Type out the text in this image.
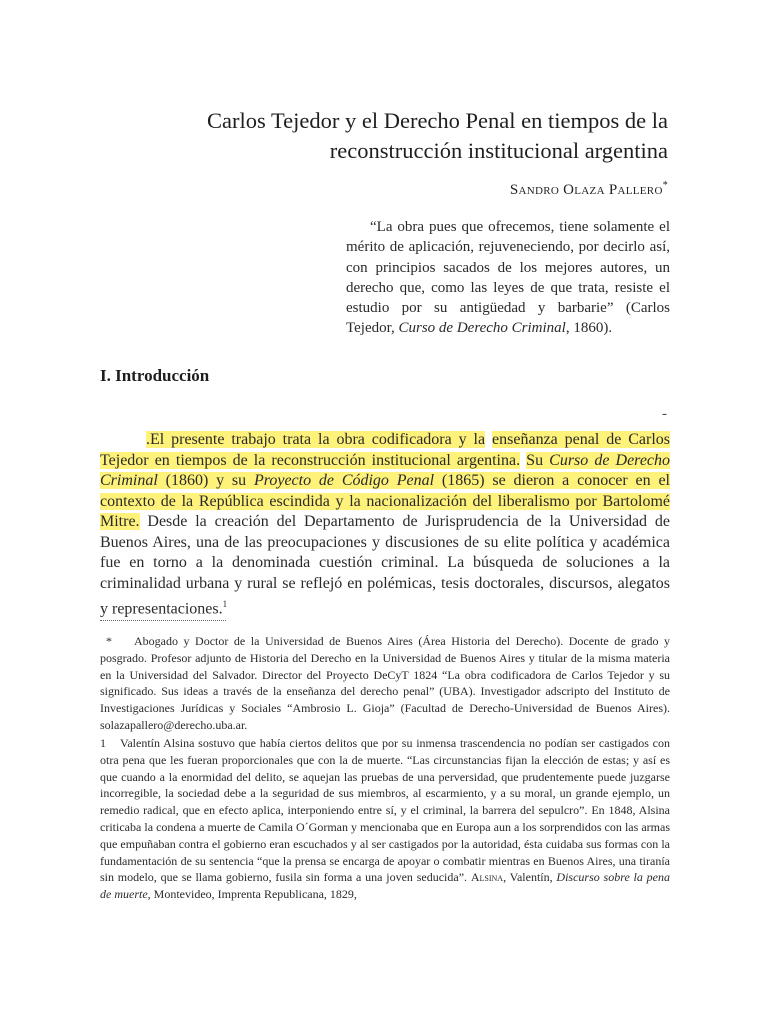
Carlos Tejedor y el Derecho Penal en tiempos de la
reconstrucción institucional argentina
Sandro Olaza Pallero*

“La obra pues que ofrecemos, tiene solamente el mérito de aplicación, rejuveneciendo, por decirlo así, con principios sacados de los mejores autores, un derecho que, como las leyes de que trata, resiste el estudio por su antigüedad y barbarie” (Carlos Tejedor, Curso de Derecho Criminal, 1860).

I. Introducción
-

.El presente trabajo trata la obra codificadora y la enseñanza penal de Carlos Tejedor en tiempos de la reconstrucción institucional argentina. Su Curso de Derecho Criminal (1860) y su Proyecto de Código Penal (1865) se dieron a conocer en el contexto de la República escindida y la nacionalización del liberalismo por Bartolomé Mitre. Desde la creación del Departamento de Jurisprudencia de la Universidad de Buenos Aires, una de las preocupaciones y discusiones de su elite política y académica fue en torno a la denominada cuestión criminal. La búsqueda de soluciones a la criminalidad urbana y rural se reflejó en polémicas, tesis doctorales, discursos, alegatos y representaciones.$^1$

* Abogado y Doctor de la Universidad de Buenos Aires (Área Historia del Derecho). Docente de grado y posgrado. Profesor adjunto de Historia del Derecho en la Universidad de Buenos Aires y titular de la misma materia en la Universidad del Salvador. Director del Proyecto DeCyT 1824 “La obra codificadora de Carlos Tejedor y su significado. Sus ideas a través de la enseñanza del derecho penal” (UBA). Investigador adscripto del Instituto de Investigaciones Jurídicas y Sociales “Ambrosio L. Gioja” (Facultad de Derecho-Universidad de Buenos Aires). solazapallero@derecho.uba.ar.

1 Valentín Alsina sostuvo que había ciertos delitos que por su inmensa trascendencia no podían ser castigados con otra pena que les fueran proporcionales que con la de muerte. “Las circunstancias fijan la elección de estas; y así es que cuando a la enormidad del delito, se aquejan las pruebas de una perversidad, que prudentemente puede juzgarse incorregible, la sociedad debe a la seguridad de sus miembros, al escarmiento, y a su moral, un grande ejemplo, un remedio radical, que en efecto aplica, interponiendo entre sí, y el criminal, la barrera del sepulcro”. En 1848, Alsina criticaba la condena a muerte de Camila O´Gorman y mencionaba que en Europa aun a los sorprendidos con las armas que empuñaban contra el gobierno eran escuchados y al ser castigados por la autoridad, ésta cuidaba sus formas con la fundamentación de su sentencia “que la prensa se encarga de apoyar o combatir mientras en Buenos Aires, una tiranía sin modelo, que se llama gobierno, fusila sin forma a una joven seducida”. Alsina, Valentín, Discurso sobre la pena de muerte, Montevideo, Imprenta Republicana, 1829,
